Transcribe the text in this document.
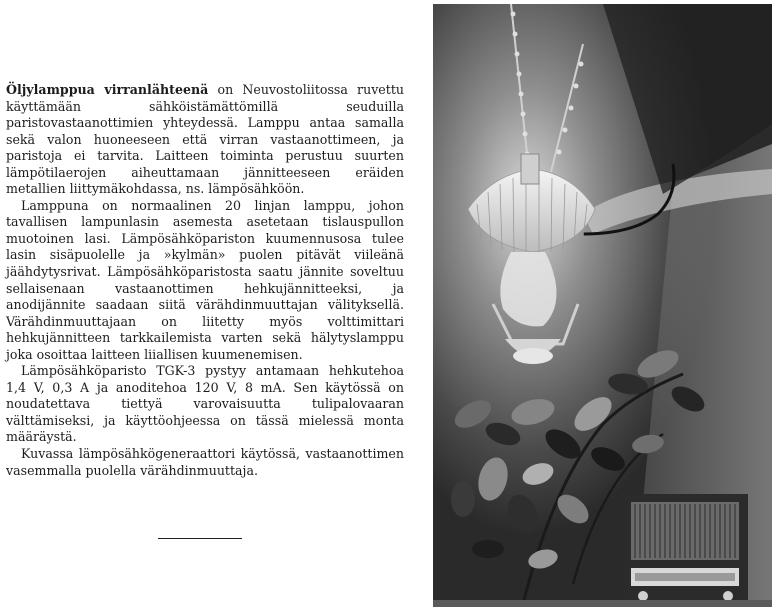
Öljylamppua virranlähteenä on Neuvostoliitossa ruvettu käyttämään sähköistämättömillä seuduilla paristovastaanottimien yhteydessä. Lamppu antaa samalla sekä valon huoneeseen että virran vastaanottimeen, ja paristoja ei tarvita. Laitteen toiminta perustuu suurten lämpötilaerojen aiheuttamaan jännitteeseen eräiden metallien liittymäkohdassa, ns. lämpösähköön.

Lamppuna on normaalinen 20 linjan lamppu, johon tavallisen lampunlasin asemesta asetetaan tislauspullon muotoinen lasi. Lämpösähköpariston kuumennusosa tulee lasin sisäpuolelle ja »kylmän» puolen pitävät viileänä jäähdytysrivat. Lämpösähköparistosta saatu jännite soveltuu sellaisenaan vastaanottimen hehkujännitteeksi, ja anodijännite saadaan siitä värähdinmuuttajan välityksellä. Värähdinmuuttajaan on liitetty myös volttimittari hehkujännitteen tarkkailemista varten sekä hälytyslamppu joka osoittaa laitteen liiallisen kuumenemisen.

Lämpösähköparisto TGK-3 pystyy antamaan hehkutehoa 1,4 V, 0,3 A ja anoditehoa 120 V, 8 mA. Sen käytössä on noudatettava tiettyä varovaisuutta tulipalovaaran välttämiseksi, ja käyttöohjeessa on tässä mielessä monta määräystä.

Kuvassa lämpösähkögeneraattori käytössä, vastaanottimen vasemmalla puolella värähdinmuuttaja.
